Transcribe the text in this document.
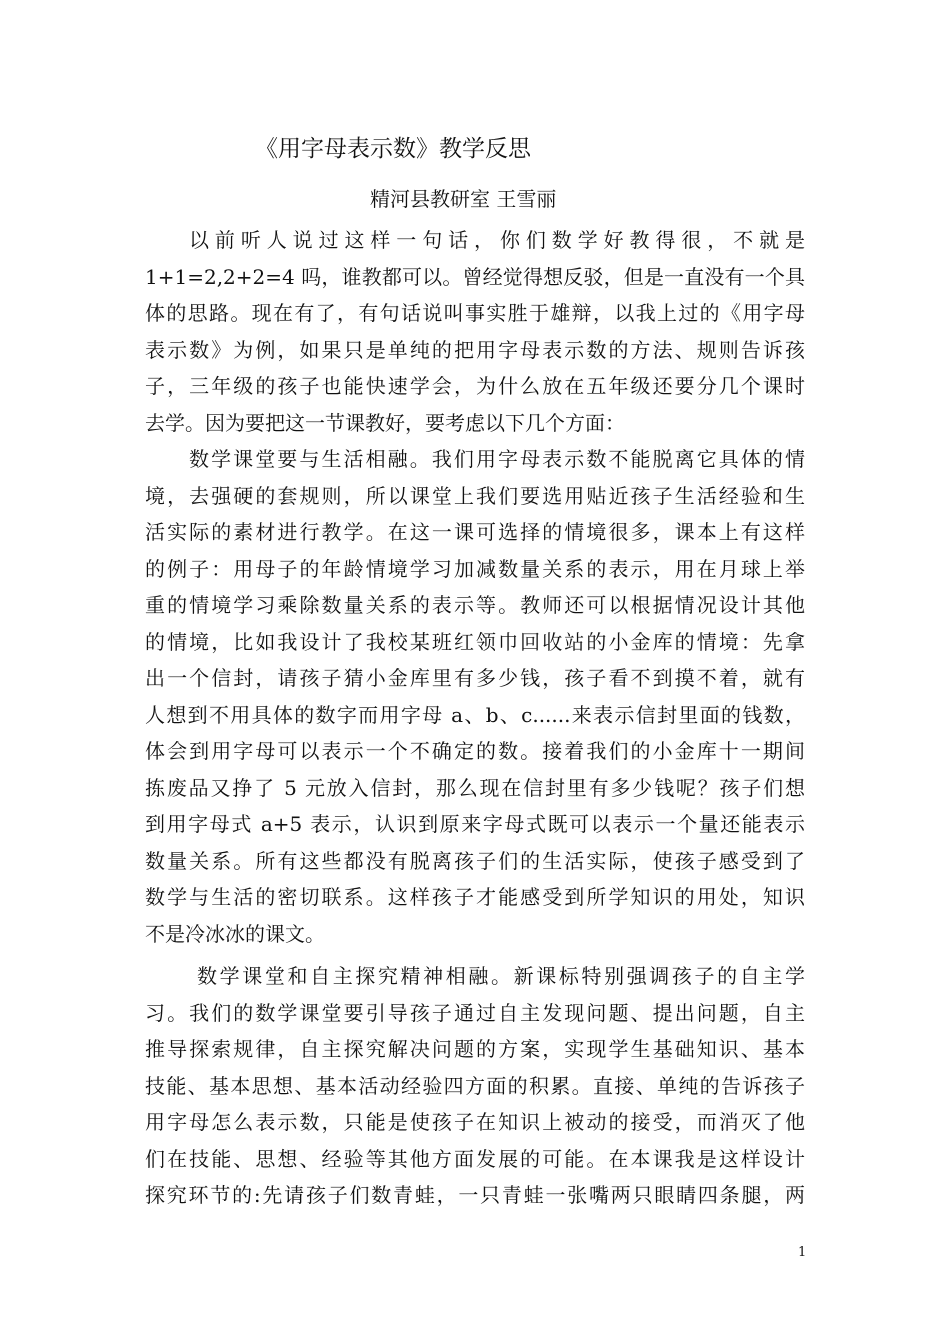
《用字母表示数》教学反思
精河县教研室 王雪丽
以前听人说过这样一句话，你们数学好教得很，不就是
1+1=2,2+2=4 吗，谁教都可以。曾经觉得想反驳，但是一直没有一个具
体的思路。现在有了，有句话说叫事实胜于雄辩，以我上过的《用字母
表示数》为例，如果只是单纯的把用字母表示数的方法、规则告诉孩
子，三年级的孩子也能快速学会，为什么放在五年级还要分几个课时
去学。因为要把这一节课教好，要考虑以下几个方面：
数学课堂要与生活相融。我们用字母表示数不能脱离它具体的情
境，去强硬的套规则，所以课堂上我们要选用贴近孩子生活经验和生
活实际的素材进行教学。在这一课可选择的情境很多，课本上有这样
的例子：用母子的年龄情境学习加减数量关系的表示，用在月球上举
重的情境学习乘除数量关系的表示等。教师还可以根据情况设计其他
的情境，比如我设计了我校某班红领巾回收站的小金库的情境：先拿
出一个信封，请孩子猜小金库里有多少钱，孩子看不到摸不着，就有
人想到不用具体的数字而用字母 a、b、c......来表示信封里面的钱数，
体会到用字母可以表示一个不确定的数。接着我们的小金库十一期间
拣废品又挣了 5 元放入信封，那么现在信封里有多少钱呢？孩子们想
到用字母式 a+5 表示，认识到原来字母式既可以表示一个量还能表示
数量关系。所有这些都没有脱离孩子们的生活实际，使孩子感受到了
数学与生活的密切联系。这样孩子才能感受到所学知识的用处，知识
不是冷冰冰的课文。
数学课堂和自主探究精神相融。新课标特别强调孩子的自主学
习。我们的数学课堂要引导孩子通过自主发现问题、提出问题，自主
推导探索规律，自主探究解决问题的方案，实现学生基础知识、基本
技能、基本思想、基本活动经验四方面的积累。直接、单纯的告诉孩子
用字母怎么表示数，只能是使孩子在知识上被动的接受，而消灭了他
们在技能、思想、经验等其他方面发展的可能。在本课我是这样设计
探究环节的:先请孩子们数青蛙，一只青蛙一张嘴两只眼睛四条腿，两
1
